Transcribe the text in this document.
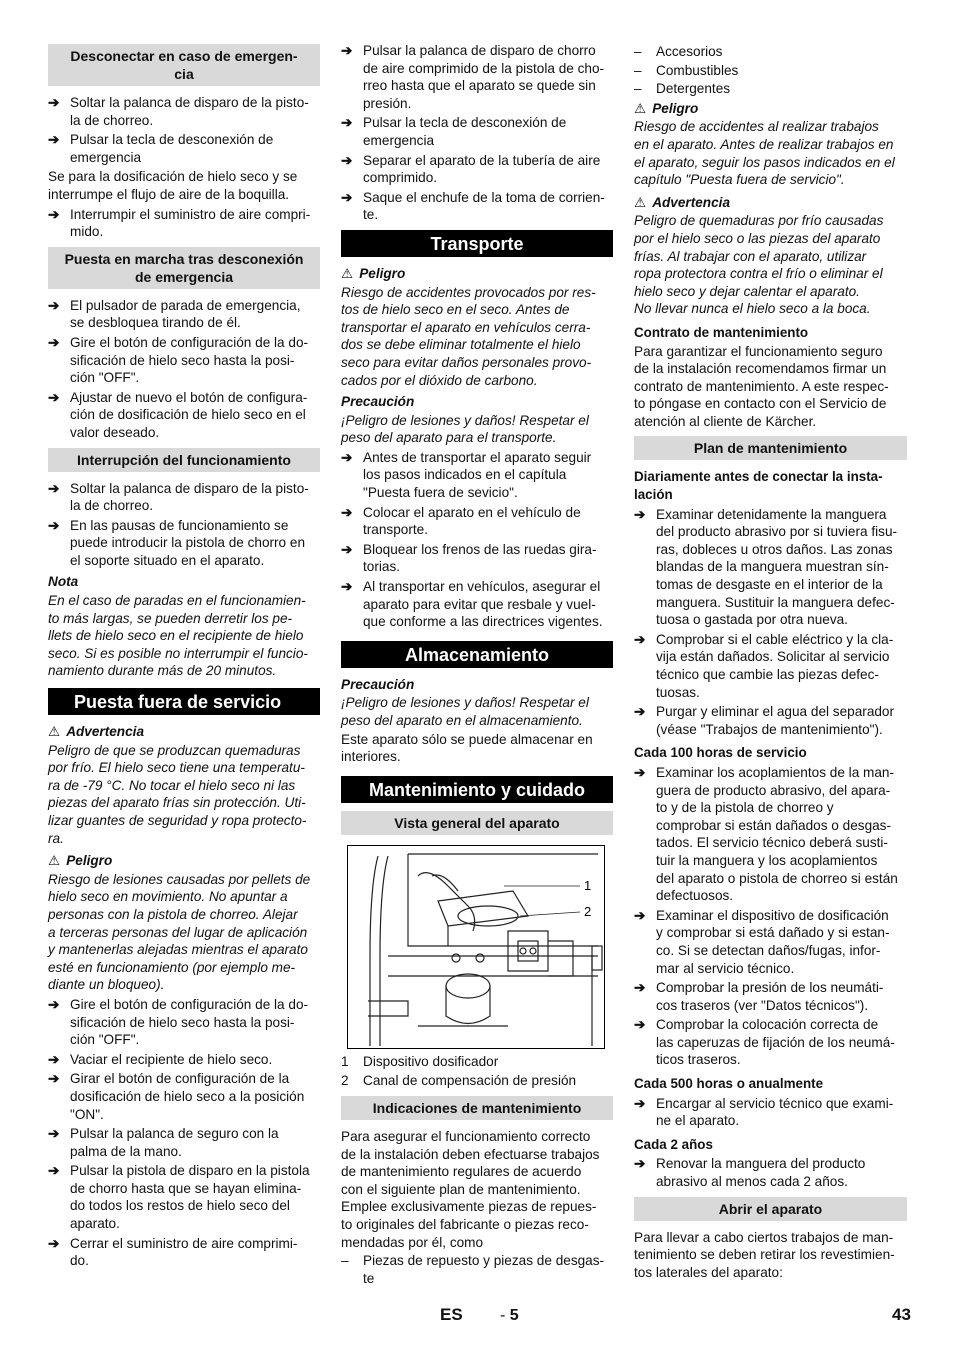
Desconectar en caso de emergen-
cia
➔ Soltar la palanca de disparo de la pisto-
la de chorreo.
➔ Pulsar la tecla de desconexión de
emergencia

Se para la dosificación de hielo seco y se
interrumpe el flujo de aire de la boquilla.

➔ Interrumpir el suministro de aire compri-
mido.
Puesta en marcha tras desconexión
de emergencia
➔ El pulsador de parada de emergencia,
se desbloquea tirando de él.
➔ Gire el botón de configuración de la do-
sificación de hielo seco hasta la posi-
ción "OFF".
➔ Ajustar de nuevo el botón de configura-
ción de dosificación de hielo seco en el
valor deseado.
Interrupción del funcionamiento
➔ Soltar la palanca de disparo de la pisto-
la de chorreo.
➔ En las pausas de funcionamiento se
puede introducir la pistola de chorro en
el soporte situado en el aparato.

Nota

En el caso de paradas en el funcionamien-
to más largas, se pueden derretir los pe-
llets de hielo seco en el recipiente de hielo
seco. Si es posible no interrumpir el funcio-
namiento durante más de 20 minutos.

Puesta fuera de servicio

⚠ Advertencia

Peligro de que se produzcan quemaduras
por frío. El hielo seco tiene una temperatu-
ra de -79 °C. No tocar el hielo seco ni las
piezas del aparato frías sin protección. Uti-
lizar guantes de seguridad y ropa protecto-
ra.

⚠ Peligro

Riesgo de lesiones causadas por pellets de
hielo seco en movimiento. No apuntar a
personas con la pistola de chorreo. Alejar
a terceras personas del lugar de aplicación
y mantenerlas alejadas mientras el aparato
esté en funcionamiento (por ejemplo me-
diante un bloqueo).

➔ Gire el botón de configuración de la do-
sificación de hielo seco hasta la posi-
ción "OFF".
➔ Vaciar el recipiente de hielo seco.
➔ Girar el botón de configuración de la
dosificación de hielo seco a la posición
"ON".
➔ Pulsar la palanca de seguro con la
palma de la mano.
➔ Pulsar la pistola de disparo en la pistola
de chorro hasta que se hayan elimina-
do todos los restos de hielo seco del
aparato.
➔ Cerrar el suministro de aire comprimi-
do.
➔ Pulsar la palanca de disparo de chorro
de aire comprimido de la pistola de cho-
rreo hasta que el aparato se quede sin
presión.
➔ Pulsar la tecla de desconexión de
emergencia
➔ Separar el aparato de la tubería de aire
comprimido.
➔ Saque el enchufe de la toma de corrien-
te.
Transporte

⚠ Peligro

Riesgo de accidentes provocados por res-
tos de hielo seco en el seco. Antes de
transportar el aparato en vehículos cerra-
dos se debe eliminar totalmente el hielo
seco para evitar daños personales provo-
cados por el dióxido de carbono.

Precaución

¡Peligro de lesiones y daños! Respetar el
peso del aparato para el transporte.

➔ Antes de transportar el aparato seguir
los pasos indicados en el capítula
"Puesta fuera de sevicio".
➔ Colocar el aparato en el vehículo de
transporte.
➔ Bloquear los frenos de las ruedas gira-
torias.
➔ Al transportar en vehículos, asegurar el
aparato para evitar que resbale y vuel-
que conforme a las directrices vigentes.
Almacenamiento

Precaución

¡Peligro de lesiones y daños! Respetar el
peso del aparato en el almacenamiento.

Este aparato sólo se puede almacenar en
interiores.

Mantenimiento y cuidado
Vista general del aparato
1
2
1 Dispositivo dosificador
2 Canal de compensación de presión
Indicaciones de mantenimiento

Para asegurar el funcionamiento correcto
de la instalación deben efectuarse trabajos
de mantenimiento regulares de acuerdo
con el siguiente plan de mantenimiento.
Emplee exclusivamente piezas de repues-
to originales del fabricante o piezas reco-
mendadas por él, como

– Piezas de repuesto y piezas de desgas-
te
– Accesorios
– Combustibles
– Detergentes

⚠ Peligro

Riesgo de accidentes al realizar trabajos
en el aparato. Antes de realizar trabajos en
el aparato, seguir los pasos indicados en el
capítulo "Puesta fuera de servicio".

⚠ Advertencia

Peligro de quemaduras por frío causadas
por el hielo seco o las piezas del aparato
frías. Al trabajar con el aparato, utilizar
ropa protectora contra el frío o eliminar el
hielo seco y dejar calentar el aparato.
No llevar nunca el hielo seco a la boca.

Contrato de mantenimiento

Para garantizar el funcionamiento seguro
de la instalación recomendamos firmar un
contrato de mantenimiento. A este respec-
to póngase en contacto con el Servicio de
atención al cliente de Kärcher.

Plan de mantenimiento

Diariamente antes de conectar la insta-
lación

➔ Examinar detenidamente la manguera
del producto abrasivo por si tuviera fisu-
ras, dobleces u otros daños. Las zonas
blandas de la manguera muestran sín-
tomas de desgaste en el interior de la
manguera. Sustituir la manguera defec-
tuosa o gastada por otra nueva.
➔ Comprobar si el cable eléctrico y la cla-
vija están dañados. Solicitar al servicio
técnico que cambie las piezas defec-
tuosas.
➔ Purgar y eliminar el agua del separador
(véase "Trabajos de mantenimiento").

Cada 100 horas de servicio

➔ Examinar los acoplamientos de la man-
guera de producto abrasivo, del apara-
to y de la pistola de chorreo y
comprobar si están dañados o desgas-
tados. El servicio técnico deberá susti-
tuir la manguera y los acoplamientos
del aparato o pistola de chorreo si están
defectuosos.
➔ Examinar el dispositivo de dosificación
y comprobar si está dañado y si estan-
co. Si se detectan daños/fugas, infor-
mar al servicio técnico.
➔ Comprobar la presión de los neumáti-
cos traseros (ver "Datos técnicos").
➔ Comprobar la colocación correcta de
las caperuzas de fijación de los neumá-
ticos traseros.

Cada 500 horas o anualmente

➔ Encargar al servicio técnico que exami-
ne el aparato.

Cada 2 años

➔ Renovar la manguera del producto
abrasivo al menos cada 2 años.
Abrir el aparato

Para llevar a cabo ciertos trabajos de man-
tenimiento se deben retirar los revestimien-
tos laterales del aparato:

ES - 5	43
